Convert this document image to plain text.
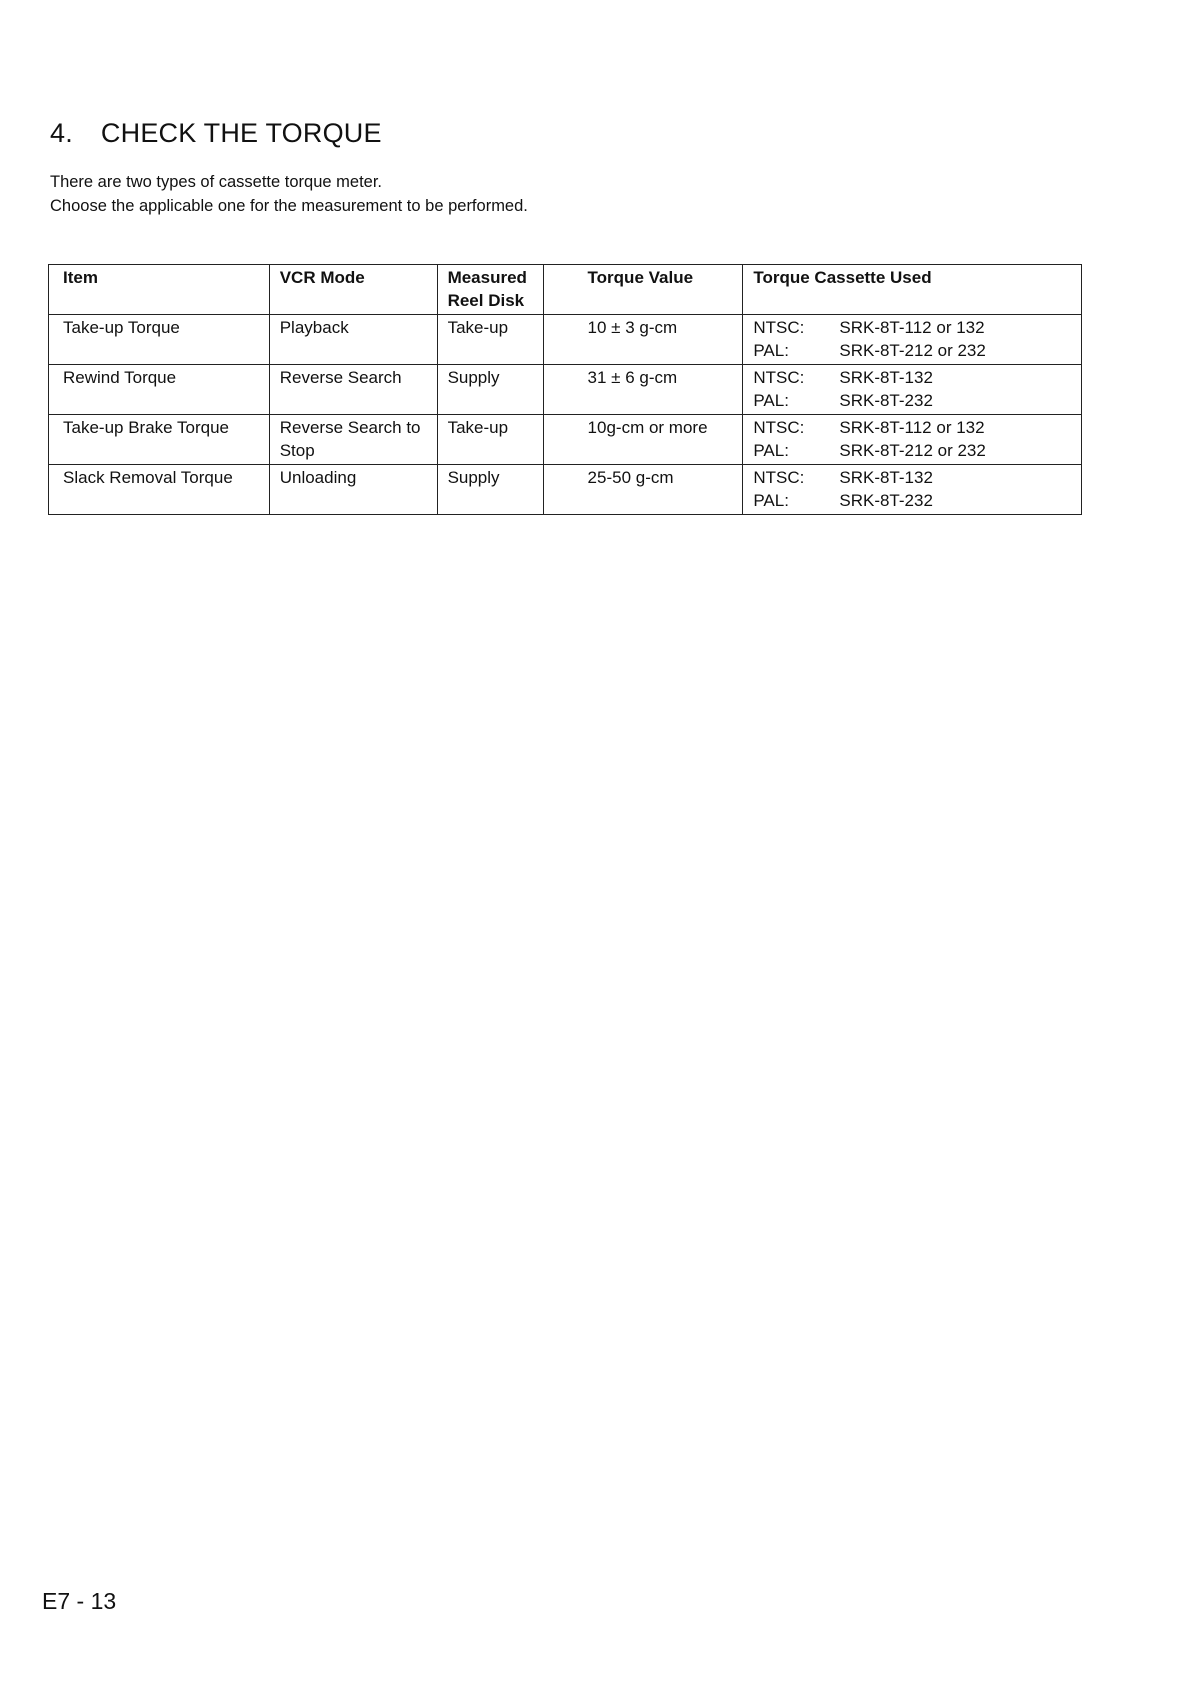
4. CHECK THE TORQUE

There are two types of cassette torque meter.

Choose the applicable one for the measurement to be performed.

Item	VCR Mode	Measured Reel Disk	Torque Value	Torque Cassette Used
Take-up Torque	Playback	Take-up	10 ± 3 g-cm	NTSC: SRK-8T-112 or 132
PAL: SRK-8T-212 or 232

Rewind Torque	Reverse Search	Supply	31 ± 6 g-cm	NTSC: SRK-8T-132
PAL: SRK-8T-232

Take-up Brake Torque	Reverse Search to Stop	Take-up	10g-cm or more	NTSC: SRK-8T-112 or 132
PAL: SRK-8T-212 or 232

Slack Removal Torque	Unloading	Supply	25-50 g-cm	NTSC: SRK-8T-132
PAL: SRK-8T-232
E7 - 13
